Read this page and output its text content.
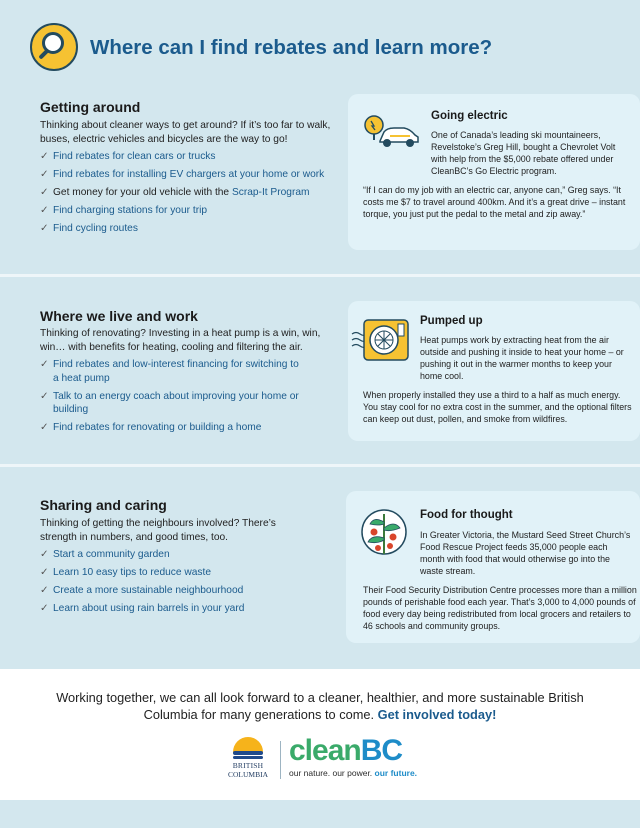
Where can I find rebates and learn more?
Getting around
Thinking about cleaner ways to get around? If it’s too far to walk, buses, electric vehicles and bicycles are the way to go!
✓ Find rebates for clean cars or trucks
✓ Find rebates for installing EV chargers at your home or work
✓ Get money for your old vehicle with the Scrap-It Program
✓ Find charging stations for your trip
✓ Find cycling routes
Going electric
One of Canada’s leading ski mountaineers, Revelstoke’s Greg Hill, bought a Chevrolet Volt with help from the $5,000 rebate offered under CleanBC’s Go Electric program.
“If I can do my job with an electric car, anyone can,” Greg says. “It costs me $7 to travel around 400km. And it’s a great drive – instant torque, you just put the pedal to the metal and zip away.”
Where we live and work
Thinking of renovating? Investing in a heat pump is a win, win, win… with benefits for heating, cooling and filtering the air.
✓ Find rebates and low-interest financing for switching to a heat pump
✓ Talk to an energy coach about improving your home or building
✓ Find rebates for renovating or building a home
Pumped up
Heat pumps work by extracting heat from the air outside and pushing it inside to heat your home – or pushing it out in the warmer months to keep your home cool.
When properly installed they use a third to a half as much energy. You stay cool for no extra cost in the summer, and the optional filters can keep out dust, pollen, and smoke from wildfires.
Sharing and caring
Thinking of getting the neighbours involved? There’s strength in numbers, and good times, too.
✓ Start a community garden
✓ Learn 10 easy tips to reduce waste
✓ Create a more sustainable neighbourhood
✓ Learn about using rain barrels in your yard
Food for thought
In Greater Victoria, the Mustard Seed Street Church’s Food Rescue Project feeds 35,000 people each month with food that would otherwise go into the waste stream.
Their Food Security Distribution Centre processes more than a million pounds of perishable food each year. That’s 3,000 to 4,000 pounds of food every day being redistributed from local grocers and retailers to 46 schools and community groups.
Working together, we can all look forward to a cleaner, healthier, and more sustainable British Columbia for many generations to come. Get involved today!
BRITISH
COLUMBIA
cleanBC
our nature. our power. our future.
